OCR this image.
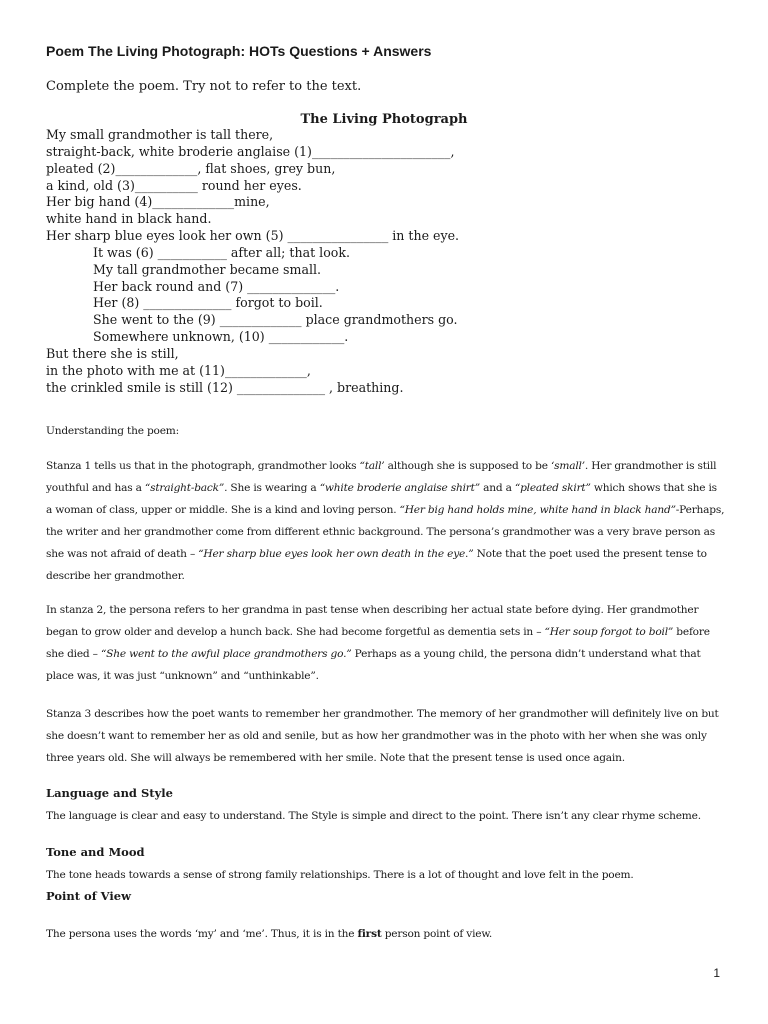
Poem The Living Photograph: HOTs Questions + Answers
Complete the poem. Try not to refer to the text.
The Living Photograph
My small grandmother is tall there,
straight-back, white broderie anglaise (1)______________________,
pleated (2)_____________, flat shoes, grey bun,
a kind, old (3)__________ round her eyes.
Her big hand (4)_____________mine,
white hand in black hand.
Her sharp blue eyes look her own (5) ________________ in the eye.
It was (6) ___________ after all; that look.
My tall grandmother became small.
Her back round and (7) ______________.
Her (8) ______________ forgot to boil.
She went to the (9) _____________ place grandmothers go.
Somewhere unknown, (10) ____________.
But there she is still,
in the photo with me at (11)_____________,
the crinkled smile is still (12) ______________ , breathing.
Understanding the poem:
Stanza 1 tells us that in the photograph, grandmother looks “tall’ although she is supposed to be ‘small’. Her grandmother is still youthful and has a “straight-back”. She is wearing a “white broderie anglaise shirt” and a “pleated skirt” which shows that she is a woman of class, upper or middle. She is a kind and loving person. “Her big hand holds mine, white hand in black hand”-Perhaps, the writer and her grandmother come from different ethnic background. The persona’s grandmother was a very brave person as she was not afraid of death – “Her sharp blue eyes look her own death in the eye.” Note that the poet used the present tense to describe her grandmother.
In stanza 2, the persona refers to her grandma in past tense when describing her actual state before dying. Her grandmother began to grow older and develop a hunch back. She had become forgetful as dementia sets in – “Her soup forgot to boil” before she died – “She went to the awful place grandmothers go.” Perhaps as a young child, the persona didn’t understand what that place was, it was just “unknown” and “unthinkable”.
Stanza 3 describes how the poet wants to remember her grandmother. The memory of her grandmother will definitely live on but she doesn’t want to remember her as old and senile, but as how her grandmother was in the photo with her when she was only three years old. She will always be remembered with her smile. Note that the present tense is used once again.
Language and Style
The language is clear and easy to understand. The Style is simple and direct to the point. There isn’t any clear rhyme scheme.
Tone and Mood
The tone heads towards a sense of strong family relationships. There is a lot of thought and love felt in the poem.
Point of View
The persona uses the words ‘my’ and ‘me’. Thus, it is in the first person point of view.
1
